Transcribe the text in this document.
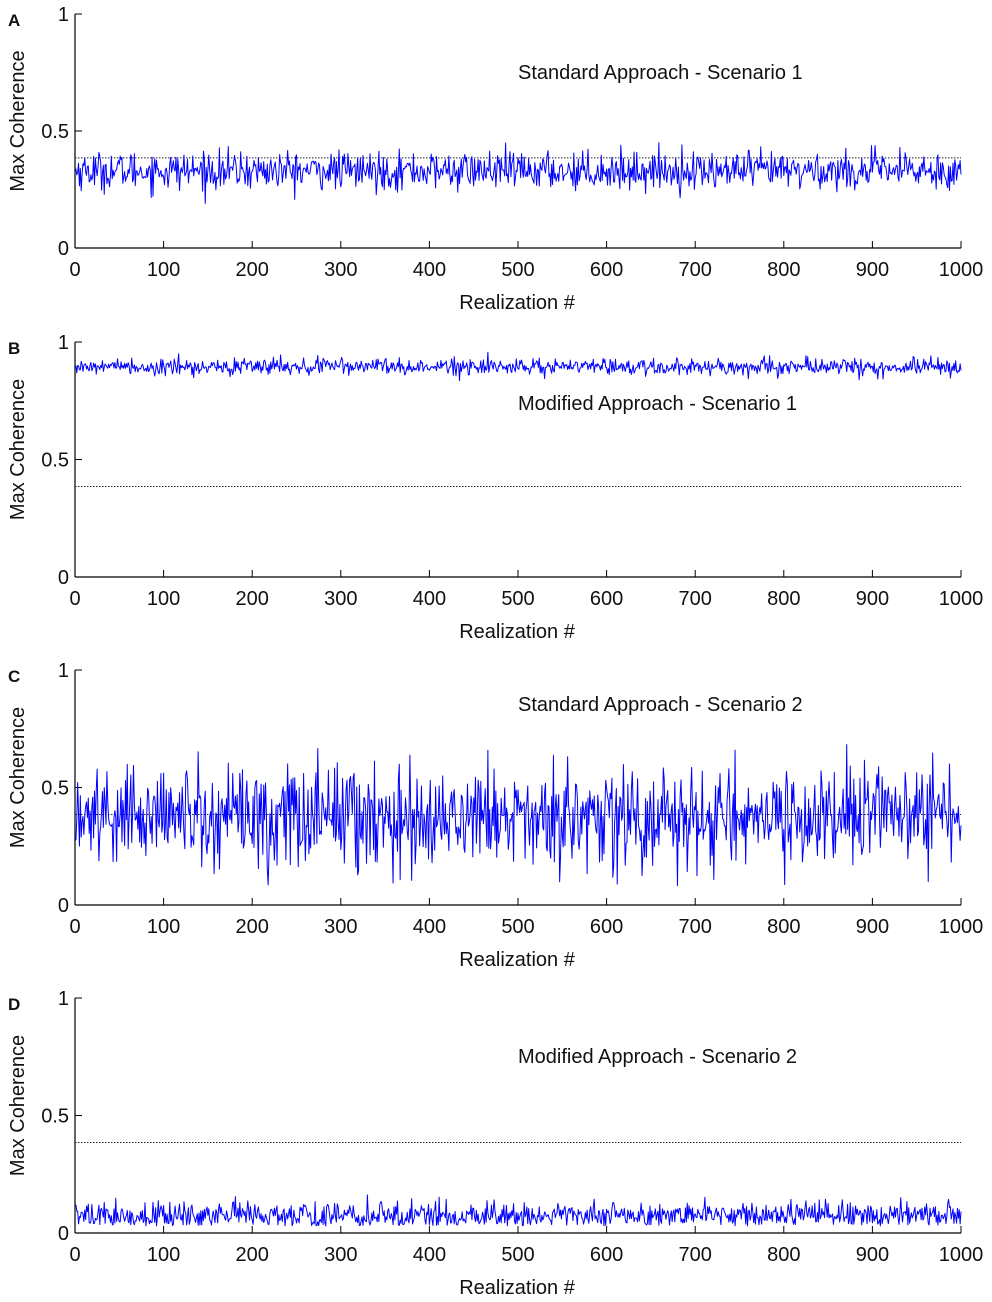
A
0	100	200	300	400	500	600	700	800	900 1000
0
0.5
1
Realization #
Max Coherence	Standard Approach - Scenario 1
B
0	100	200	300	400	500	600	700	800	900 1000
0
0.5
1
Realization #
Max Coherence	Modified Approach - Scenario 1
C
0	100	200	300	400	500	600	700	800	900 1000
0
0.5
1
Realization #
Max Coherence
Standard Approach - Scenario 2
D
0	100	200	300	400	500	600	700	800	900 1000
0
0.5
1
Realization #
Max Coherence	Modified Approach - Scenario 2
